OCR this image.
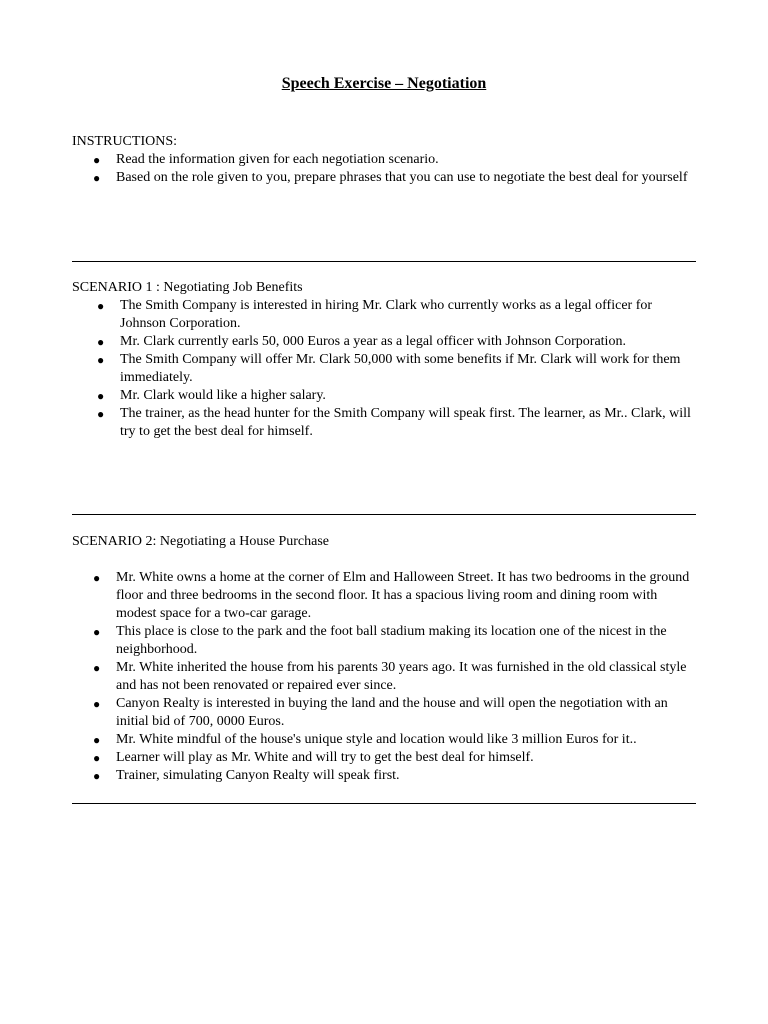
Speech Exercise – Negotiation

INSTRUCTIONS:

● Read the information given for each negotiation scenario.
● Based on the role given to you, prepare phrases that you can use to negotiate the best deal for yourself

SCENARIO 1 : Negotiating Job Benefits

● The Smith Company is interested in hiring Mr. Clark who currently works as a legal officer for Johnson Corporation.
● Mr. Clark currently earls 50, 000 Euros a year as a legal officer with Johnson Corporation.
● The Smith Company will offer Mr. Clark 50,000 with some benefits if Mr. Clark will work for them immediately.
● Mr. Clark would like a higher salary.
● The trainer, as the head hunter for the Smith Company will speak first. The learner, as Mr.. Clark, will try to get the best deal for himself.

SCENARIO 2: Negotiating a House Purchase

● Mr. White owns a home at the corner of Elm and Halloween Street. It has two bedrooms in the ground floor and three bedrooms in the second floor. It has a spacious living room and dining room with modest space for a two-car garage.
● This place is close to the park and the foot ball stadium making its location one of the nicest in the neighborhood.
● Mr. White inherited the house from his parents 30 years ago. It was furnished in the old classical style and has not been renovated or repaired ever since.
● Canyon Realty is interested in buying the land and the house and will open the negotiation with an initial bid of 700, 0000 Euros.
● Mr. White mindful of the house's unique style and location would like 3 million Euros for it..
● Learner will play as Mr. White and will try to get the best deal for himself.
● Trainer, simulating Canyon Realty will speak first.
